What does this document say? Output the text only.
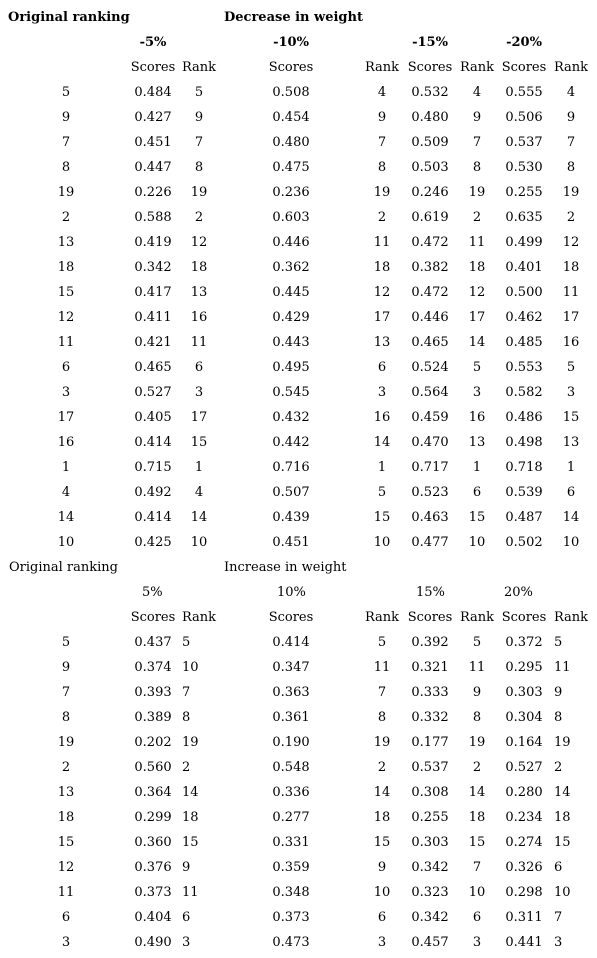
Original ranking	Decrease in weight
-5%	-10%	-15%	-20%
Scores Rank	Scores	Rank Scores Rank Scores Rank
5	0.484	5	0.508	4	0.532	4	0.555	4
9	0.427	9	0.454	9	0.480	9	0.506	9
7	0.451	7	0.480	7	0.509	7	0.537	7
8	0.447	8	0.475	8	0.503	8	0.530	8
19	0.226	19	0.236	19	0.246	19	0.255	19
2	0.588	2	0.603	2	0.619	2	0.635	2
13	0.419	12	0.446	11	0.472	11	0.499	12
18	0.342	18	0.362	18	0.382	18	0.401	18
15	0.417	13	0.445	12	0.472	12	0.500	11
12	0.411	16	0.429	17	0.446	17	0.462	17
11	0.421	11	0.443	13	0.465	14	0.485	16
6	0.465	6	0.495	6	0.524	5	0.553	5
3	0.527	3	0.545	3	0.564	3	0.582	3
17	0.405	17	0.432	16	0.459	16	0.486	15
16	0.414	15	0.442	14	0.470	13	0.498	13
1	0.715	1	0.716	1	0.717	1	0.718	1
4	0.492	4	0.507	5	0.523	6	0.539	6
14	0.414	14	0.439	15	0.463	15	0.487	14
10	0.425	10	0.451	10	0.477	10	0.502	10
Original ranking	Increase in weight
5%	10%	15%	20%
Scores Rank	Scores	Rank Scores Rank Scores Rank
5	0.437 5	0.414	5	0.392	5	0.372 5
9	0.374 10	0.347	11	0.321	11	0.295 11
7	0.393 7	0.363	7	0.333	9	0.303 9
8	0.389 8	0.361	8	0.332	8	0.304 8
19	0.202 19	0.190	19	0.177	19	0.164 19
2	0.560 2	0.548	2	0.537	2	0.527 2
13	0.364 14	0.336	14	0.308	14	0.280 14
18	0.299 18	0.277	18	0.255	18	0.234 18
15	0.360 15	0.331	15	0.303	15	0.274 15
12	0.376 9	0.359	9	0.342	7	0.326 6
11	0.373 11	0.348	10	0.323	10	0.298 10
6	0.404 6	0.373	6	0.342	6	0.311 7
3	0.490 3	0.473	3	0.457	3	0.441 3
